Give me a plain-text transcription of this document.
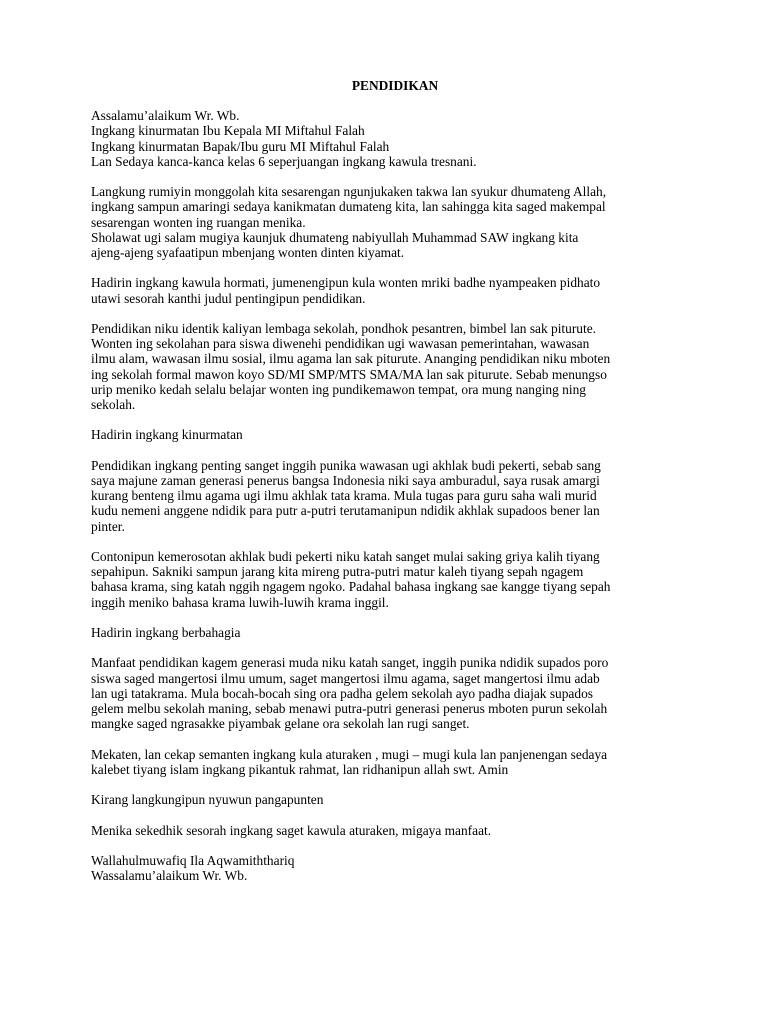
PENDIDIKAN
Assalamu’alaikum Wr. Wb.
Ingkang kinurmatan Ibu Kepala MI Miftahul Falah
Ingkang kinurmatan Bapak/Ibu guru MI Miftahul Falah
Lan Sedaya kanca-kanca kelas 6 seperjuangan ingkang kawula tresnani.
Langkung rumiyin monggolah kita sesarengan ngunjukaken takwa lan syukur dhumateng Allah,
ingkang sampun amaringi sedaya kanikmatan dumateng kita, lan sahingga kita saged makempal
sesarengan wonten ing ruangan menika.
Sholawat ugi salam mugiya kaunjuk dhumateng nabiyullah Muhammad SAW ingkang kita
ajeng-ajeng syafaatipun mbenjang wonten dinten kiyamat.
Hadirin ingkang kawula hormati, jumenengipun kula wonten mriki badhe nyampeaken pidhato
utawi sesorah kanthi judul pentingipun pendidikan.
Pendidikan niku identik kaliyan lembaga sekolah, pondhok pesantren, bimbel lan sak piturute.
Wonten ing sekolahan para siswa diwenehi pendidikan ugi wawasan pemerintahan, wawasan
ilmu alam, wawasan ilmu sosial, ilmu agama lan sak piturute. Ananging pendidikan niku mboten
ing sekolah formal mawon koyo SD/MI SMP/MTS SMA/MA lan sak piturute. Sebab menungso
urip meniko kedah selalu belajar wonten ing pundikemawon tempat, ora mung nanging ning
sekolah.
Hadirin ingkang kinurmatan
Pendidikan ingkang penting sanget inggih punika wawasan ugi akhlak budi pekerti, sebab sang
saya majune zaman generasi penerus bangsa Indonesia niki saya amburadul, saya rusak amargi
kurang benteng ilmu agama ugi ilmu akhlak tata krama. Mula tugas para guru saha wali murid
kudu nemeni anggene ndidik para putr a-putri terutamanipun ndidik akhlak supadoos bener lan
pinter.
Contonipun kemerosotan akhlak budi pekerti niku katah sanget mulai saking griya kalih tiyang
sepahipun. Sakniki sampun jarang kita mireng putra-putri matur kaleh tiyang sepah ngagem
bahasa krama, sing katah nggih ngagem ngoko. Padahal bahasa ingkang sae kangge tiyang sepah
inggih meniko bahasa krama luwih-luwih krama inggil.
Hadirin ingkang berbahagia
Manfaat pendidikan kagem generasi muda niku katah sanget, inggih punika ndidik supados poro
siswa saged mangertosi ilmu umum, saget mangertosi ilmu agama, saget mangertosi ilmu adab
lan ugi tatakrama. Mula bocah-bocah sing ora padha gelem sekolah ayo padha diajak supados
gelem melbu sekolah maning, sebab menawi putra-putri generasi penerus mboten purun sekolah
mangke saged ngrasakke piyambak gelane ora sekolah lan rugi sanget.
Mekaten, lan cekap semanten ingkang kula aturaken , mugi – mugi kula lan panjenengan sedaya
kalebet tiyang islam ingkang pikantuk rahmat, lan ridhanipun allah swt. Amin
Kirang langkungipun nyuwun pangapunten
Menika sekedhik sesorah ingkang saget kawula aturaken, migaya manfaat.
Wallahulmuwafiq Ila Aqwamiththariq
Wassalamu’alaikum Wr. Wb.
